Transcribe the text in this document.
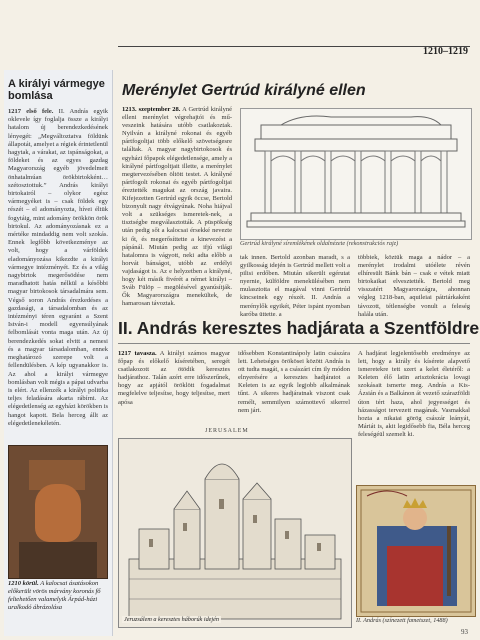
1210–1219
A királyi vármegye bomlása
1217 első fele. II. András egyik oklevele így foglalja össze a királyi hatalom új berendezkedésének lényegét: „Megváltoztatva földünk állapotát, amelyet a régiek érintetlenül hagytak, a várakat, az ispánságokat, a földeket és az egyes gazdag Magyarország egyéb jövedelmeit önhatalmúan örökbirtokként… szétosztottuk.” András királyi birtokairól – olykor egész vármegyéket is – csak földek egy részét – el adományozta, hívei éltük fogytáig, mint adomány örökkön örök birtokul. Az adományozásnak ez a mértéke mindaddig nem volt szokás. Ennek legfőbb következménye az volt, hogy a várföldek eladományozása kikezdte a királyi vármegye intézményét. Ez és a világ nagybirtok megerősödése nem maradhatott hatás nélkül a későbbi magyar birtokosok társadalmára sem. Végső soron András érezkedéses a gazdasági, a társadalomban és az intézményi téren egyaránt a Szent István-i modell egyensúlyának felbomlását vonta maga után. Az új berendezkedés sokat elvitt a nemesi és a magyar társadalomban, ennek meghatározó szerepe volt a fellendülésben. A kép ugyanakkor is. Az ahol a királyi vármegye bomlásban volt mégis a pápai udvarba is elért. Az ellenzék a királyi politika teljes feladására akarta rábírni. Az elégedetlenség az egyházi körökben is hangot kapott. Bela herceg állt az elégedetlenekéletén.
1210 körül. A kalocsai ásatásokon előkerült vörös márvány koronás fő feltehetően valamelyik Árpád-házi uralkodó ábrázolása
Merénylet Gertrúd királyné ellen
1213. szeptember 28. A Gertrúd királyné elleni merénylet végrehajtói és mű-veszeink hatására utóbb csatlakoztak. Nyilván a királyné rokonai és egyéb pártfogoltjai több előkelő szövetségesre találtak. A magyar nagybirtokosok és egyházi főpapok elégedetlensége, amely a királyné pártfogoltjait illette, a merénylet megtervezésében öltött testet. A királyné pártfogolt rokonai és egyéb pártfogoltjai éreztették magukat az ország javaira. Kifejezetten Gertrúd egyik öccse, Bertold bizonyult nagy étvágyúnak. Noha hiájval volt a szükséges ismeretek-nek, a tisztségbe megválasztották. A püspökség után pedig sőt a kalocsai érsekké nevezte ki őt, és megerősíttette a kinevezést a pápánál. Miután pedig az ifjú világi hatalomra is vágyott, neki adta előbb a horvát bánságot, utóbb az erdélyi vajdaságot is. Az e helyzetben a királyné, hogy két másik fivérét a német királyi – Sváb Fülöp – megölésével gyanúsítják. Ők Magyarországra menekültek, de hamarosan távoztak.
Gertrúd királyné síremlékének oldalnézete (rekonstrukciós rajz)
tak innen. Bertold azonban maradt, s a gyilkosság idején is Gertrúd mellett volt a pilisi erdőben. Miután sikerült egérutat nyernie, külföldre menekülésében nem mulasztotta el magával vinni Gertrúd kincseinek egy részét. II. András a merénylők egyikét, Péter ispánt nyomban karóba üttette, a
többiek, köztük maga a nádor – a merénylet irodalmi utóélete révén elhíresült Bánk bán – csak e vétek miatt birtokaikat elvesztették. Bertold meg visszatért Magyarországra, ahonnan végleg 1218-ban, aquileiai pátriárkaként távozott, tétlenségbe vonult a feleség halála után.
II. András keresztes hadjárata a Szentföldre
1217 tavasza. A királyi számos magyar főpap és előkelő kíséretében, seregét csatlakozott az ötödik keresztes hadjárathoz. Talán azért erre időszerűnek, hogy az apjától öröklött fogadalmat megfelelve teljesítse, hogy teljesítse, mert apósa
idősebben Konstantinápoly latin császára lett. Lehetséges örökösei között András is ott tudta magát, s a császári cím ily módon elnyerésére a keresztes hadjáratot a Keleten is az egyik legjobb alkalmának tűnt. A sikeres hadjáratnak viszont csak remélt, semmilyen számottevő sikerrel nem járt.
A hadjárat legjelentősebb eredménye az lett, hogy a király és kísérete alapvető ismeretekre tett szert a kelet életéről: a Keleten élő latin arisztokrácia lovagi szokásait ismerte meg. András a Kis-Ázsián és a Balkánon át vezető szárazföldi úton tért haza, ahol jegyességet és házasságot tervezett magának. Vasmakkal hozta a nikaiai görög császár leányát, Máriát is, akit legidősebb fia, Béla herceg feleségéül szemelt ki.
JERUSALEM
Jeruzsálem a keresztes háborúk idején	II. András (színezett fametszet, 1488)
93
